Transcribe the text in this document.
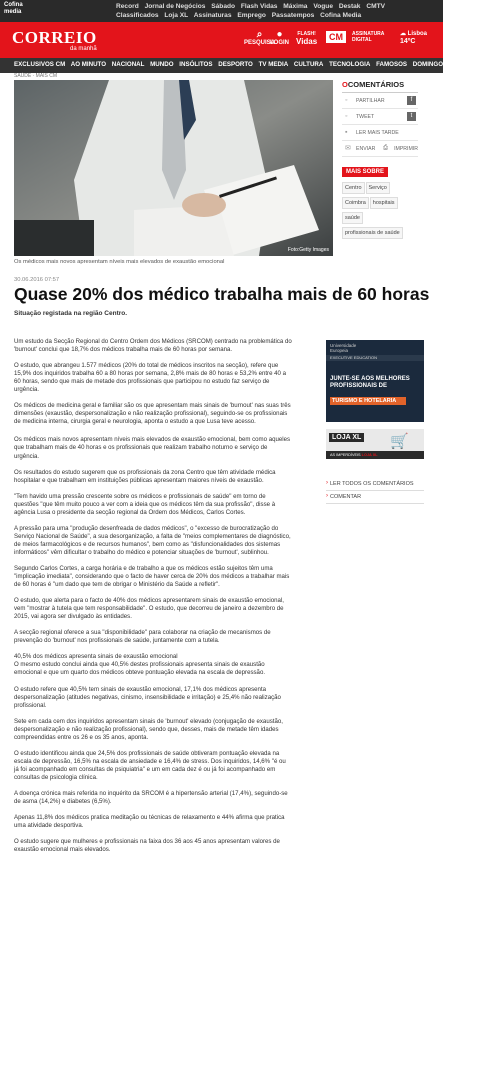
Cofina media
Record Jornal de Negócios Sábado Flash Vidas Máxima Vogue Destak CMTV
Classificados Loja XL Assinaturas Emprego Passatempos Cofina Media
CORREIO
da manhã
⌕
PESQUISA
●
LOGIN
FLASH!
Vidas	CM	ASSINATURA DIGITAL
☁ Lisboa
14ºC
EXCLUSIVOS CM AO MINUTO NACIONAL MUNDO INSÓLITOS DESPORTO TV MEDIA CULTURA TECNOLOGIA FAMOSOS DOMINGO OPINIÃO
SAÚDE · MAIS CM
Foto:Getty Images
Os médicos mais novos apresentam níveis mais elevados de exaustão emocional
30.06.2016 07:57
Quase 20% dos médico trabalha mais de 60 horas
Situação registada na região Centro.

Um estudo da Secção Regional do Centro Ordem dos Médicos (SRCOM) centrado na problemática do 'burnout' conclui que 18,7% dos médicos trabalha mais de 60 horas por semana.

O estudo, que abrangeu 1.577 médicos (20% do total de médicos inscritos na secção), refere que 15,9% dos inquiridos trabalha 60 a 80 horas por semana, 2,8% mais de 80 horas e 53,2% entre 40 a 60 horas, sendo que mais de metade dos profissionais que participou no estudo faz serviço de urgência.

Os médicos de medicina geral e familiar são os que apresentam mais sinais de 'burnout' nas suas três dimensões (exaustão, despersonalização e não realização profissional), seguindo-se os profissionais de medicina interna, cirurgia geral e neurologia, aponta o estudo a que Lusa teve acesso.

Os médicos mais novos apresentam níveis mais elevados de exaustão emocional, bem como aqueles que trabalham mais de 40 horas e os profissionais que realizam trabalho noturno e serviço de urgência.

Os resultados do estudo sugerem que os profissionais da zona Centro que têm atividade médica hospitalar e que trabalham em instituições públicas apresentam maiores níveis de exaustão.

"Tem havido uma pressão crescente sobre os médicos e profissionais de saúde" em torno de questões "que têm muito pouco a ver com a ideia que os médicos têm da sua profissão", disse à agência Lusa o presidente da secção regional da Ordem dos Médicos, Carlos Cortes.

A pressão para uma "produção desenfreada de dados médicos", o "excesso de burocratização do Serviço Nacional de Saúde", a sua desorganização, a falta de "meios complementares de diagnóstico, de meios farmacológicos e de recursos humanos", bem como as "disfuncionalidades dos sistemas informáticos" vêm dificultar o trabalho do médico e potenciar situações de 'burnout', sublinhou.

Segundo Carlos Cortes, a carga horária e de trabalho a que os médicos estão sujeitos têm uma "implicação imediata", considerando que o facto de haver cerca de 20% dos médicos a trabalhar mais de 60 horas é "um dado que tem de obrigar o Ministério da Saúde a refletir".

O estudo, que alerta para o facto de 40% dos médicos apresentarem sinais de exaustão emocional, vem "mostrar à tutela que tem responsabilidade". O estudo, que decorreu de janeiro a dezembro de 2015, vai agora ser divulgado às entidades.

A secção regional oferece a sua "disponibilidade" para colaborar na criação de mecanismos de prevenção do 'burnout' nos profissionais de saúde, juntamente com a tutela.

40,5% dos médicos apresenta sinais de exaustão emocional
O mesmo estudo conclui ainda que 40,5% destes profissionais apresenta sinais de exaustão emocional e que um quarto dos médicos obteve pontuação elevada na escala de depressão.

O estudo refere que 40,5% tem sinais de exaustão emocional, 17,1% dos médicos apresenta despersonalização (atitudes negativas, cinismo, insensibilidade e irritação) e 25,4% não realização profissional.

Sete em cada cem dos inquiridos apresentam sinais de 'burnout' elevado (conjugação de exaustão, despersonalização e não realização profissional), sendo que, desses, mais de metade têm idades compreendidas entre os 26 e os 35 anos, aponta.

O estudo identificou ainda que 24,5% dos profissionais de saúde obtiveram pontuação elevada na escala de depressão, 16,5% na escala de ansiedade e 16,4% de stress. Dos inquiridos, 14,6% "é ou já foi acompanhado em consultas de psiquiatria" e um em cada dez é ou já foi acompanhado em consultas de psicologia clínica.

A doença crónica mais referida no inquérito da SRCOM é a hipertensão arterial (17,4%), seguindo-se de asma (14,2%) e diabetes (6,5%).

Apenas 11,8% dos médicos pratica meditação ou técnicas de relaxamento e 44% afirma que pratica uma atividade desportiva.

O estudo sugere que mulheres e profissionais na faixa dos 36 aos 45 anos apresentam valores de exaustão emocional mais elevados.

OCOMENTÁRIOS
◦ PARTILHAR	f
◦ TWEET	t
▪ LER MAIS TARDE
✉ ENVIAR	⎙	IMPRIMIR
MAIS SOBRE
Centro ServiçoCoimbra hospitaissaúdeprofissionais de saúde
Universidade Europeia
EXECUTIVE EDUCATION
JUNTE-SE AOS MELHORES PROFISSIONAIS DE
TURISMO E HOTELARIA
LOJA XL 🛒
AS IMPERDÍVEIS LOJA XL
› LER TODOS OS COMENTÁRIOS
› COMENTAR
